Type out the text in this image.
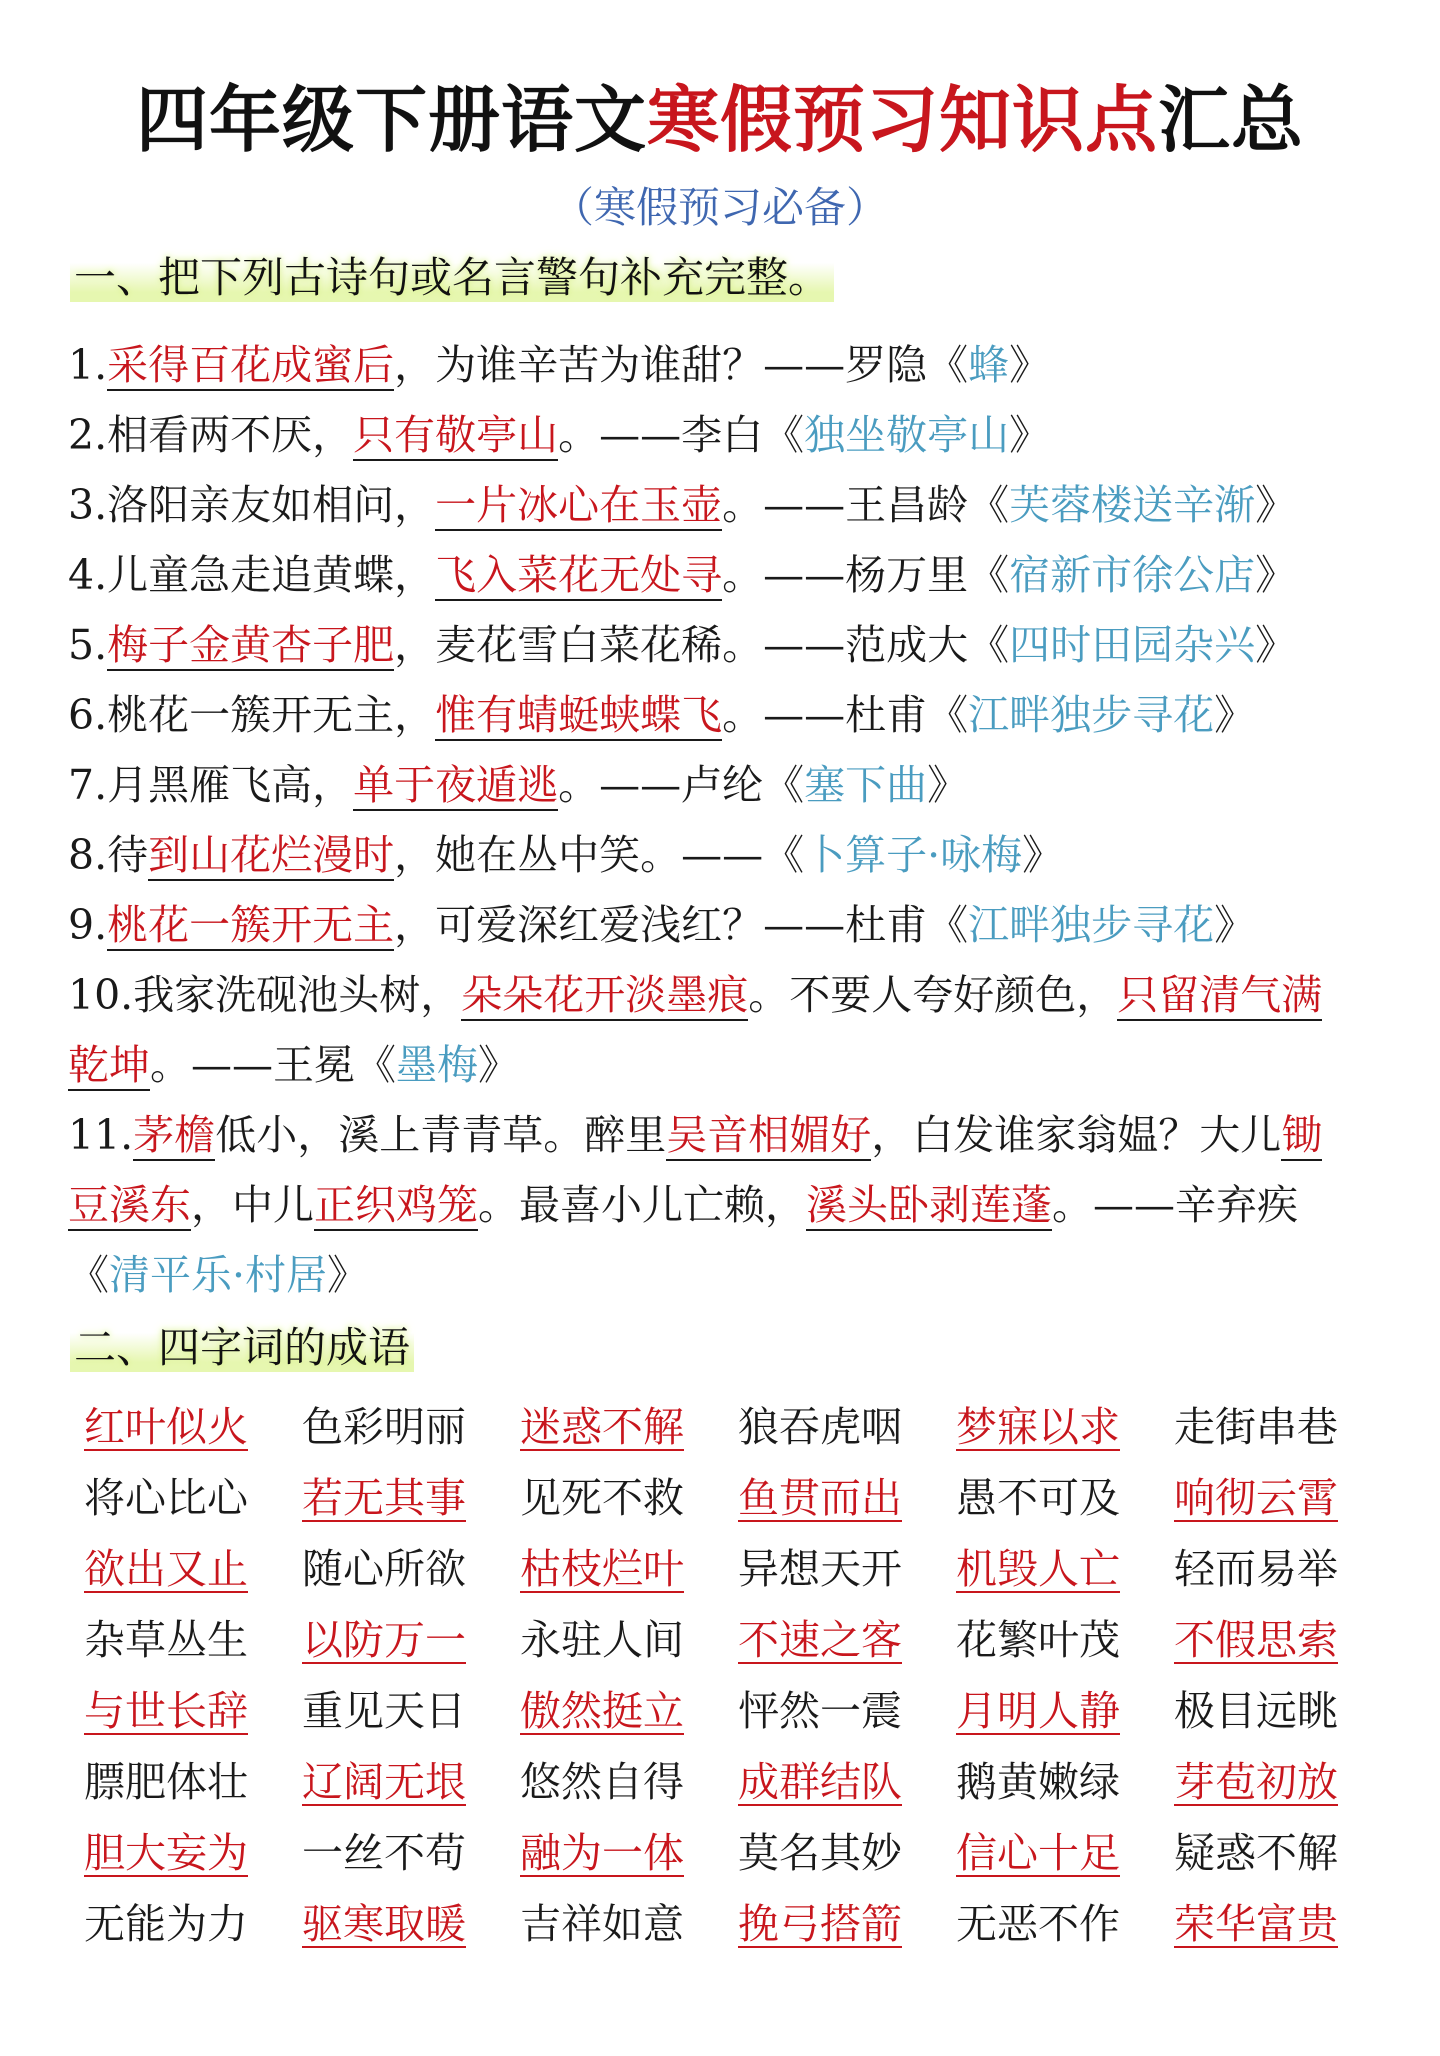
四年级下册语文寒假预习知识点汇总
（寒假预习必备）
一、把下列古诗句或名言警句补充完整。
1.采得百花成蜜后，为谁辛苦为谁甜？——罗隐《蜂》
2.相看两不厌，只有敬亭山。——李白《独坐敬亭山》
3.洛阳亲友如相问，一片冰心在玉壶。——王昌龄《芙蓉楼送辛渐》
4.儿童急走追黄蝶，飞入菜花无处寻。——杨万里《宿新市徐公店》
5.梅子金黄杏子肥，麦花雪白菜花稀。——范成大《四时田园杂兴》
6.桃花一簇开无主，惟有蜻蜓蛱蝶飞。——杜甫《江畔独步寻花》
7.月黑雁飞高，单于夜遁逃。——卢纶《塞下曲》
8.待到山花烂漫时，她在丛中笑。——《卜算子·咏梅》
9.桃花一簇开无主，可爱深红爱浅红？——杜甫《江畔独步寻花》
10.我家洗砚池头树，朵朵花开淡墨痕。不要人夸好颜色，只留清气满
乾坤。——王冕《墨梅》
11.茅檐低小，溪上青青草。醉里吴音相媚好，白发谁家翁媪？大儿锄
豆溪东，中儿正织鸡笼。最喜小儿亡赖，溪头卧剥莲蓬。——辛弃疾
《清平乐·村居》
二、四字词的成语
红叶似火	色彩明丽	迷惑不解	狼吞虎咽	梦寐以求	走街串巷
将心比心	若无其事	见死不救	鱼贯而出	愚不可及	响彻云霄
欲出又止	随心所欲	枯枝烂叶	异想天开	机毁人亡	轻而易举
杂草丛生	以防万一	永驻人间	不速之客	花繁叶茂	不假思索
与世长辞	重见天日	傲然挺立	怦然一震	月明人静	极目远眺
膘肥体壮	辽阔无垠	悠然自得	成群结队	鹅黄嫩绿	芽苞初放
胆大妄为	一丝不苟	融为一体	莫名其妙	信心十足	疑惑不解
无能为力	驱寒取暖	吉祥如意	挽弓搭箭	无恶不作	荣华富贵
